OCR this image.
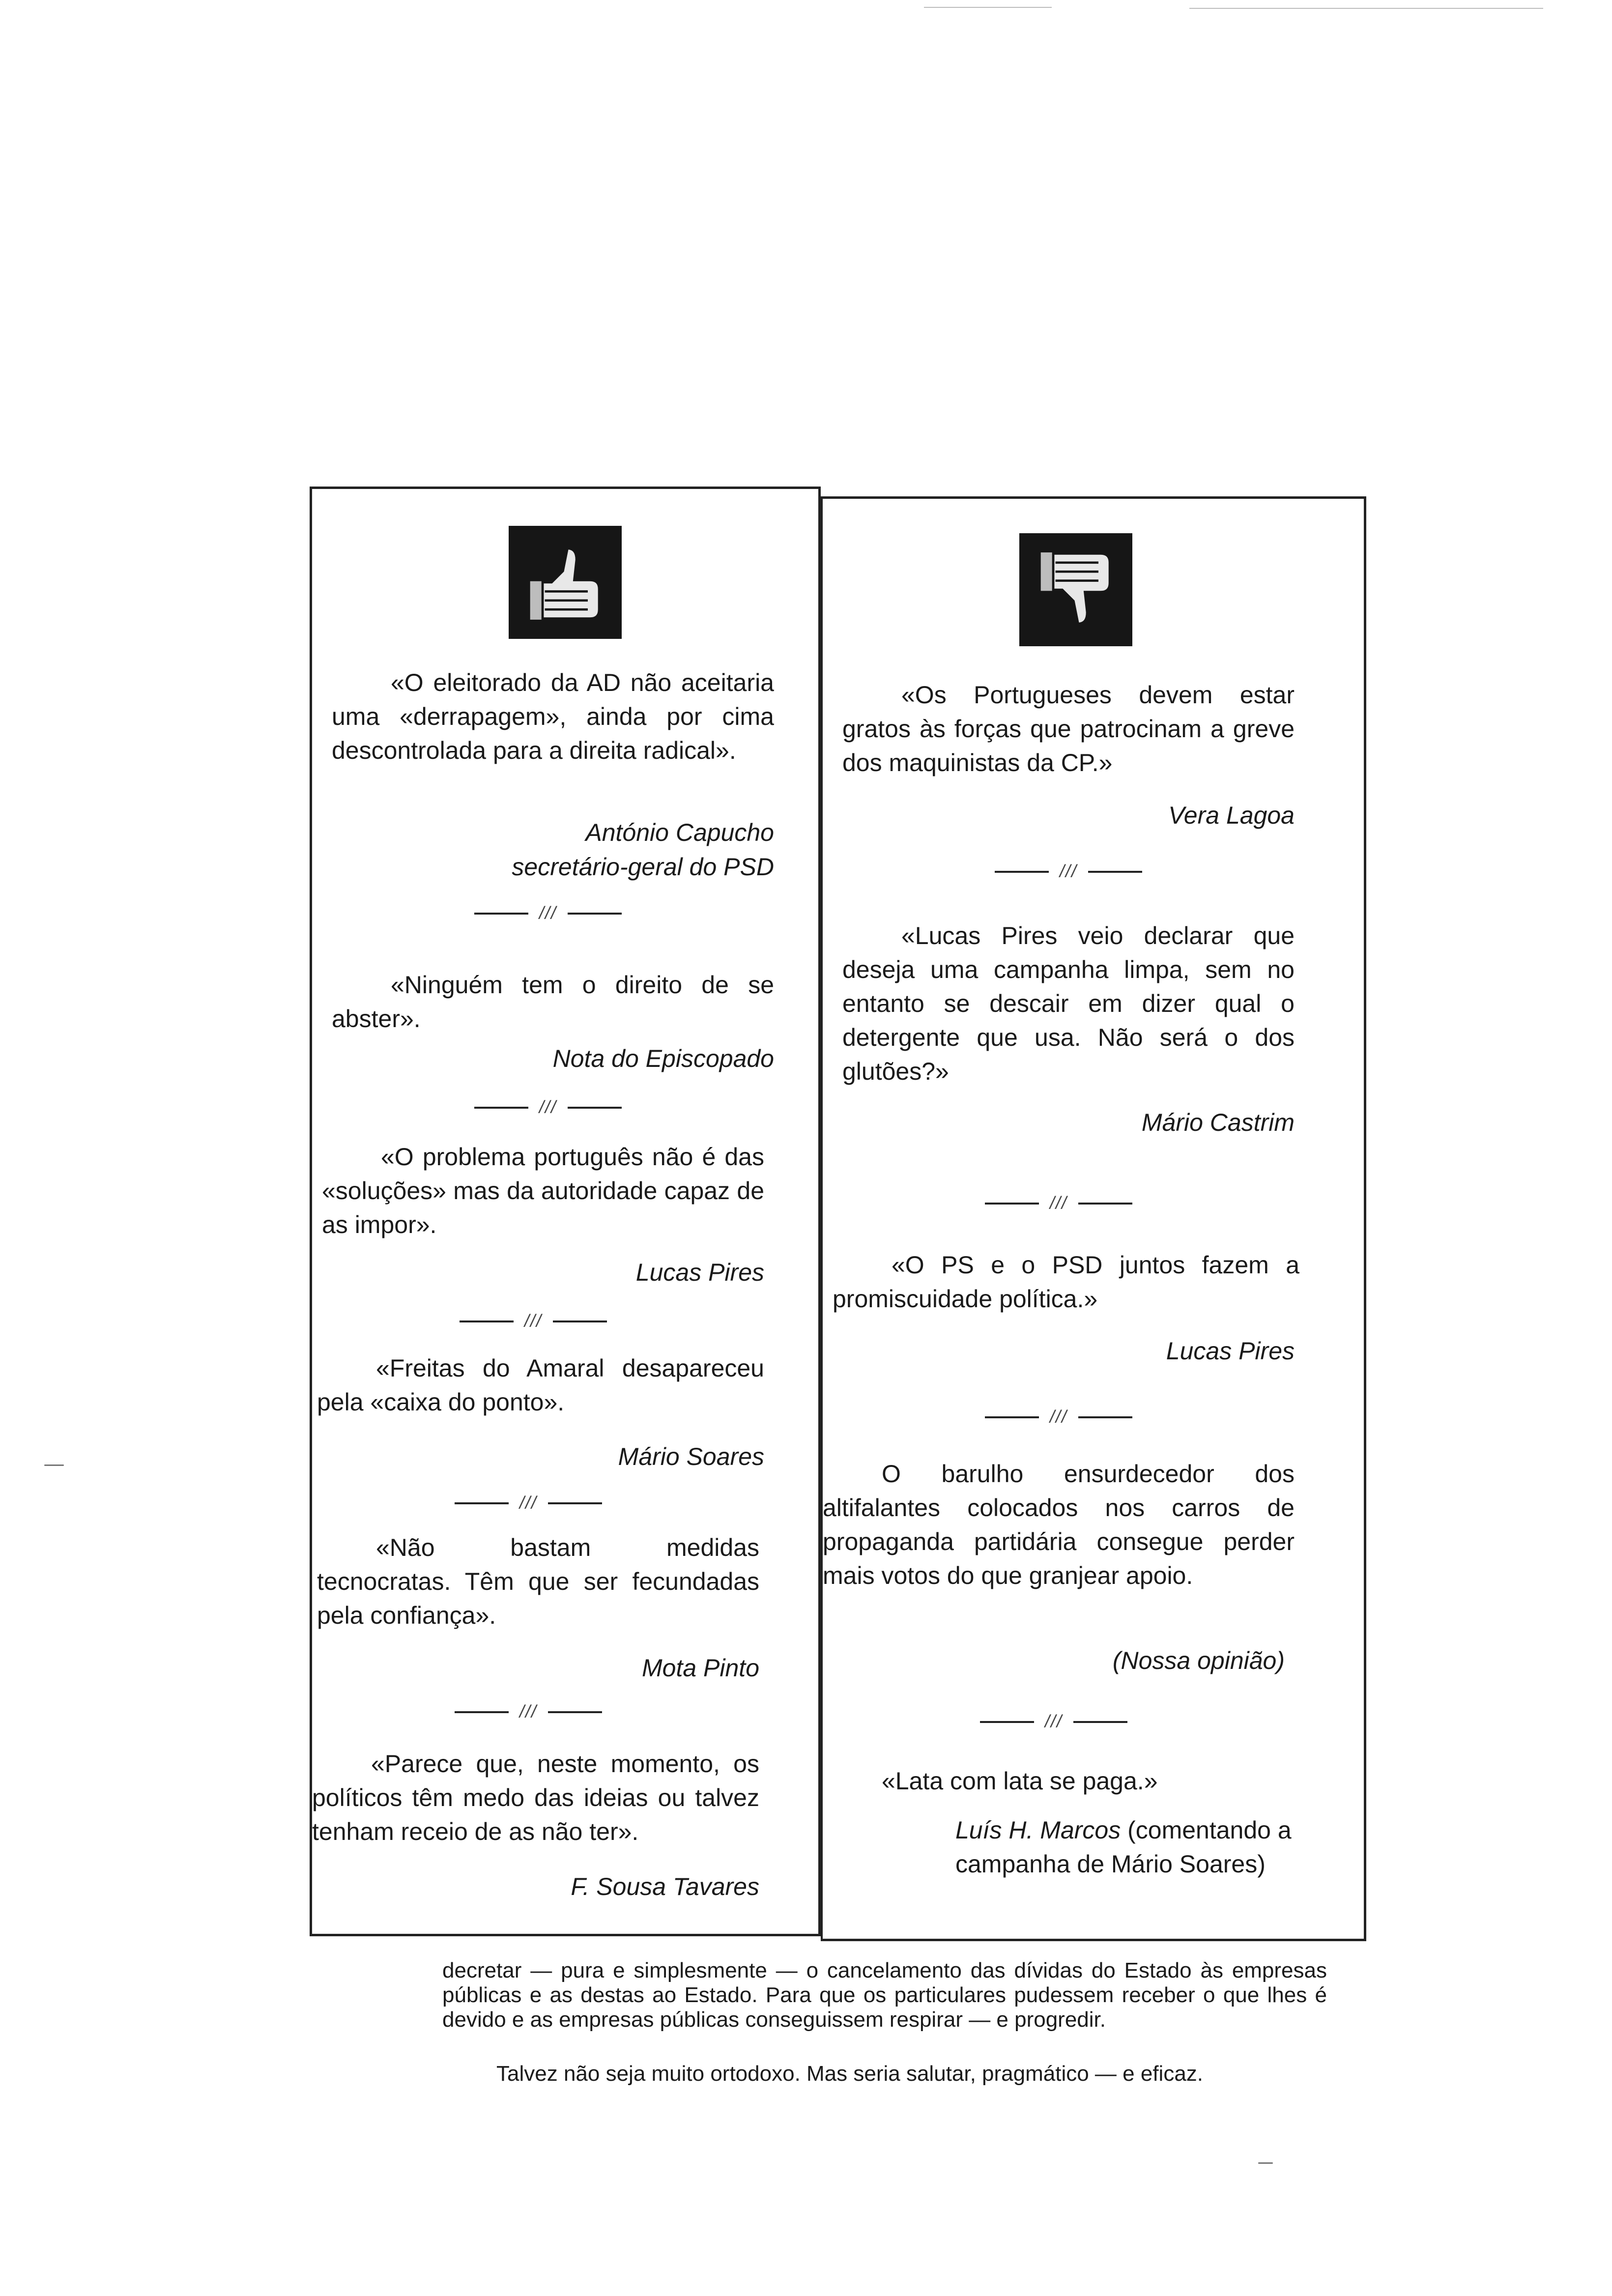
«O eleitorado da AD não aceitaria uma «derrapagem», ainda por cima descontrolada para a direita radical».

António Capucho

secretário-geral do PSD

///

«Ninguém tem o direito de se abster».

Nota do Episcopado

///

«O problema português não é das «soluções» mas da autoridade capaz de as impor».

Lucas Pires

///

«Freitas do Amaral desapareceu pela «caixa do ponto».

Mário Soares

///

«Não bastam medidas tecnocratas. Têm que ser fecundadas pela confiança».

Mota Pinto

///

«Parece que, neste momento, os políticos têm medo das ideias ou talvez tenham receio de as não ter».

F. Sousa Tavares

«Os Portugueses devem estar gratos às forças que patrocinam a greve dos maquinistas da CP.»

Vera Lagoa

///

«Lucas Pires veio declarar que deseja uma campanha limpa, sem no entanto se descair em dizer qual o detergente que usa. Não será o dos glutões?»

Mário Castrim

///

«O PS e o PSD juntos fazem a promiscuidade política.»

Lucas Pires

///

O barulho ensurdecedor dos altifalantes colocados nos carros de propaganda partidária consegue perder mais votos do que granjear apoio.

(Nossa opinião)

///

«Lata com lata se paga.»

Luís H. Marcos (comentando a campanha de Mário Soares)

decretar — pura e simplesmente — o cancelamento das dívidas do Estado às empresas públicas e as destas ao Estado. Para que os particulares pudessem receber o que lhes é devido e as empresas públicas conseguissem respirar — e progredir.

Talvez não seja muito ortodoxo. Mas seria salutar, pragmático — e eficaz.
